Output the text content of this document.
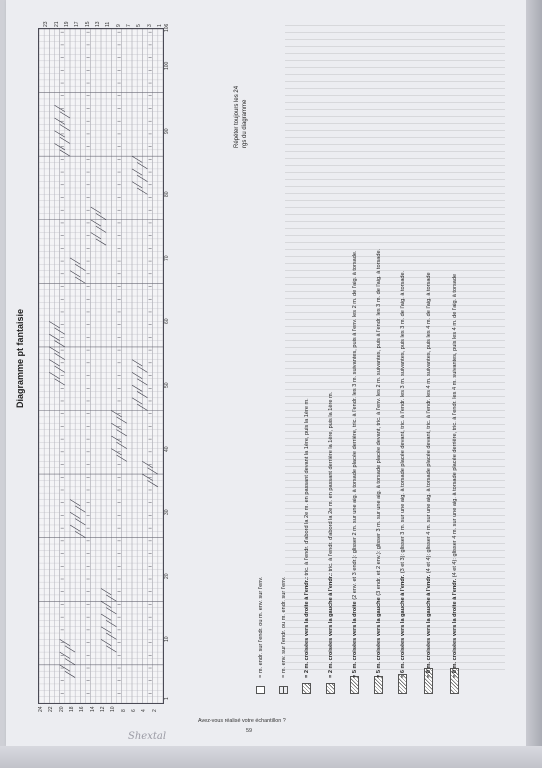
Diagramme pt fantaisie
2
4
6
8
10
12
14
16
18
20
22
24
1
3
5
7
9
11
13
15
17
19
21
23	106
100
90
80
70
60
50
40
30
20
10
1
Répéter toujours les 24 rgs du diagramme
= m. endr. sur l'endr. ou m. env. sur l'env.	= m. env. sur l'endr. ou m. endr. sur l'env.	= 2 m. croisées vers la droite à l'endr.: tric. à l'endr. d'abord la 2e m. en passant devant la 1ère, puis la 1ère m.
= 2 m. croisées vers la gauche à l'endr.: tric. à l'endr. d'abord la 2e m. en passant derrière la 1ère, puis la 1ère m.
= 5 m. croisées vers la droite (2 env. et 3 endr.): glisser 2 m. sur une aig. à torsade placée derrière, tric. à l'endr. les 3 m. suivantes, puis à l'env. les 2 m. de l'aig. à torsade.
= 5 m. croisées vers la gauche (3 endr. et 2 env.): glisser 3 m. sur une aig. à torsade placée devant, tric. à l'env. les 2 m. suivantes, puis à l'endr. les 3 m. de l'aig. à torsade.
= 6 m. croisées vers la gauche à l'endr. (3 et 3): glisser 3 m. sur une aig. à torsade placée devant, tric. à l'endr. les 3 m. suivantes, puis les 3 m. de l'aig. à torsade.
= 8 m. croisées vers la gauche à l'endr. (4 et 4): glisser 4 m. sur une aig. à torsade placée devant, tric. à l'endr. les 4 m. suivantes, puis les 4 m. de l'aig. à torsade
= 8 m. croisées vers la droite à l'endr. (4 et 4): glisser 4 m. sur une aig. à torsade placée derrière, tric. à l'endr. les 4 m. suivantes, puis les 4 m. de l'aig. à torsade
Avez-vous réalisé votre échantillon ?
59
Shextal
